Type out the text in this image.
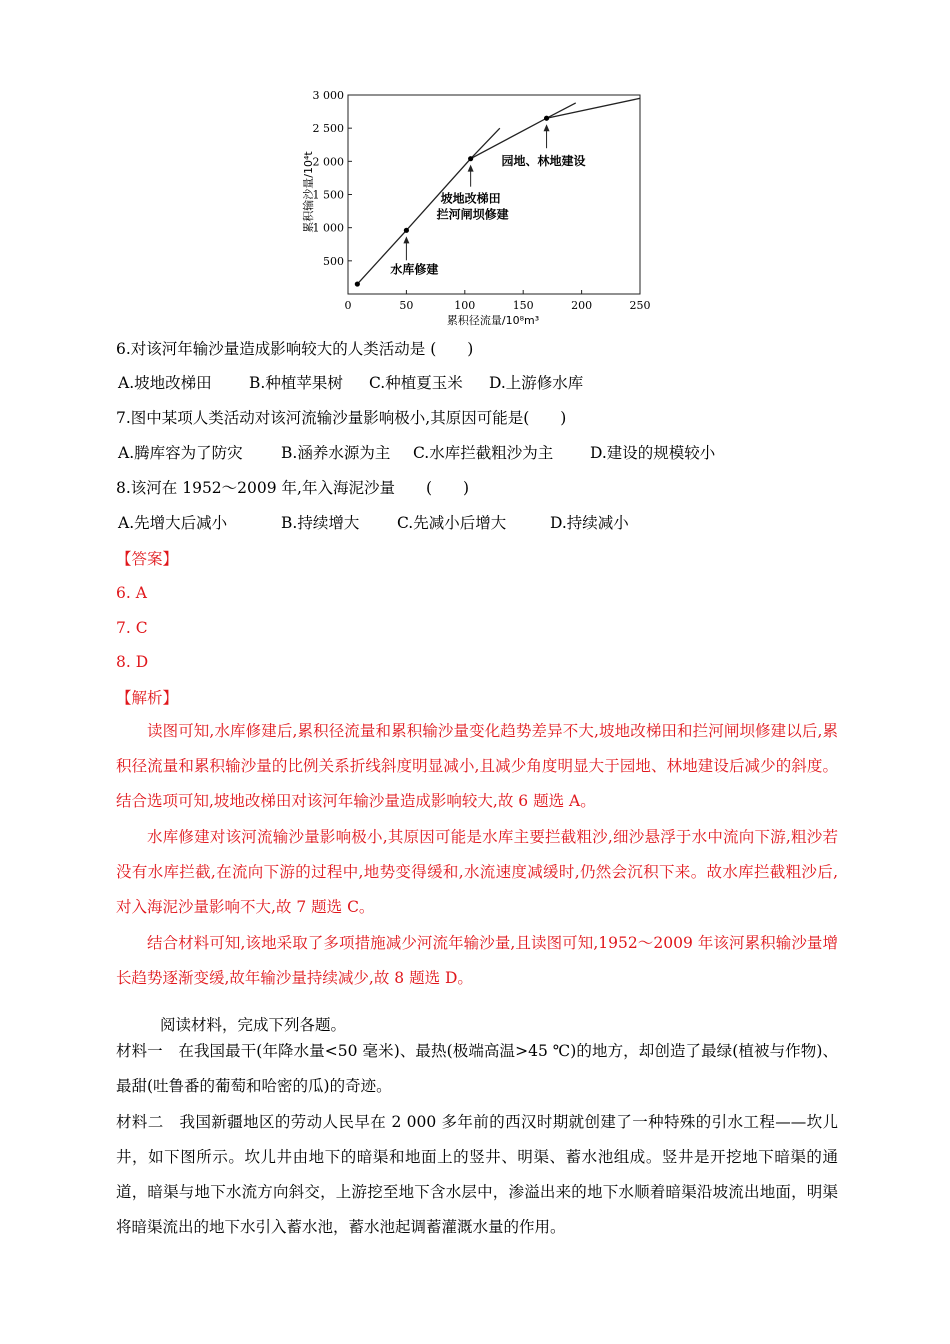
0	50	100	150	200	250
500
1 000
1 500
2 000
2 500
3 000
水库修建
坡地改梯田
拦河闸坝修建
园地、林地建设
累积输沙量/10⁴t
累积径流量/10⁸m³
6.对该河年输沙量造成影响较大的人类活动是 (　　)
A.坡地改梯田 B.种植苹果树 C.种植夏玉米 D.上游修水库
7.图中某项人类活动对该河流输沙量影响极小,其原因可能是(　　)
A.腾库容为了防灾 B.涵养水源为主 C.水库拦截粗沙为主 D.建设的规模较小
8.该河在 1952～2009 年,年入海泥沙量　　(　　)
A.先增大后减小	B.持续增大 C.先减小后增大	D.持续减小
【答案】
6. A
7. C
8. D
【解析】
读图可知,水库修建后,累积径流量和累积输沙量变化趋势差异不大,坡地改梯田和拦河闸坝修建以后,累积径流量和累积输沙量的比例关系折线斜度明显减小,且减少角度明显大于园地、林地建设后减少的斜度。结合选项可知,坡地改梯田对该河年输沙量造成影响较大,故 6 题选 A。
水库修建对该河流输沙量影响极小,其原因可能是水库主要拦截粗沙,细沙悬浮于水中流向下游,粗沙若没有水库拦截,在流向下游的过程中,地势变得缓和,水流速度减缓时,仍然会沉积下来。故水库拦截粗沙后,对入海泥沙量影响不大,故 7 题选 C。
结合材料可知,该地采取了多项措施减少河流年输沙量,且读图可知,1952～2009 年该河累积输沙量增长趋势逐渐变缓,故年输沙量持续减少,故 8 题选 D。
阅读材料，完成下列各题。
材料一　在我国最干(年降水量<50 毫米)、最热(极端高温>45 ℃)的地方，却创造了最绿(植被与作物)、最甜(吐鲁番的葡萄和哈密的瓜)的奇迹。
材料二　我国新疆地区的劳动人民早在 2 000 多年前的西汉时期就创建了一种特殊的引水工程——坎儿井，如下图所示。坎儿井由地下的暗渠和地面上的竖井、明渠、蓄水池组成。竖井是开挖地下暗渠的通道，暗渠与地下水流方向斜交，上游挖至地下含水层中，渗溢出来的地下水顺着暗渠沿坡流出地面，明渠将暗渠流出的地下水引入蓄水池，蓄水池起调蓄灌溉水量的作用。
